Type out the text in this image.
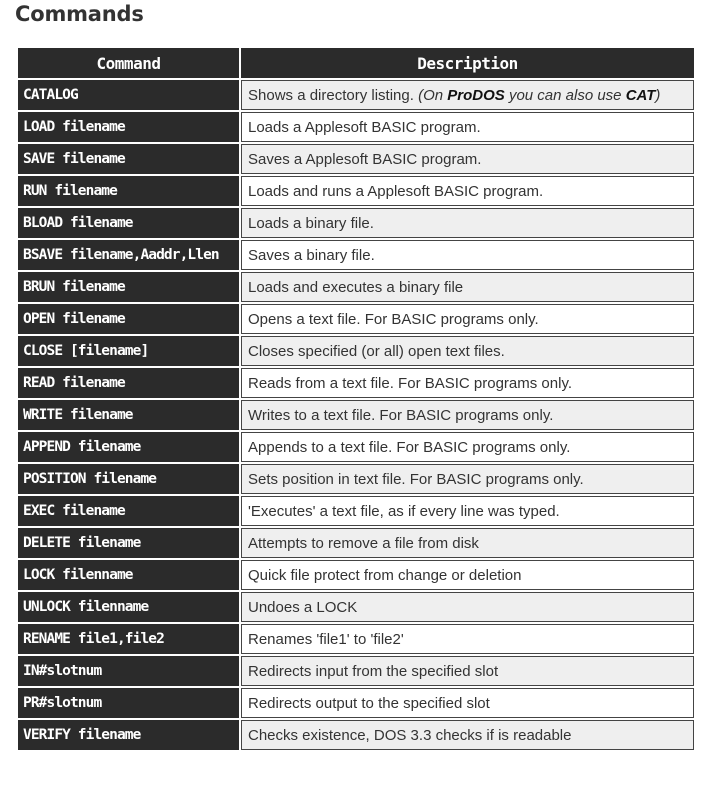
Commands
Command	Description
CATALOG	Shows a directory listing. (On ProDOS you can also use CAT)
LOAD filename	Loads a Applesoft BASIC program.
SAVE filename	Saves a Applesoft BASIC program.
RUN filename	Loads and runs a Applesoft BASIC program.
BLOAD filename	Loads a binary file.
BSAVE filename,Aaddr,Llen	Saves a binary file.
BRUN filename	Loads and executes a binary file
OPEN filename	Opens a text file. For BASIC programs only.
CLOSE [filename]	Closes specified (or all) open text files.
READ filename	Reads from a text file. For BASIC programs only.
WRITE filename	Writes to a text file. For BASIC programs only.
APPEND filename	Appends to a text file. For BASIC programs only.
POSITION filename	Sets position in text file. For BASIC programs only.
EXEC filename	'Executes' a text file, as if every line was typed.
DELETE filename	Attempts to remove a file from disk
LOCK filenname	Quick file protect from change or deletion
UNLOCK filenname	Undoes a LOCK
RENAME file1,file2	Renames 'file1' to 'file2'
IN#slotnum	Redirects input from the specified slot
PR#slotnum	Redirects output to the specified slot
VERIFY filename	Checks existence, DOS 3.3 checks if is readable
